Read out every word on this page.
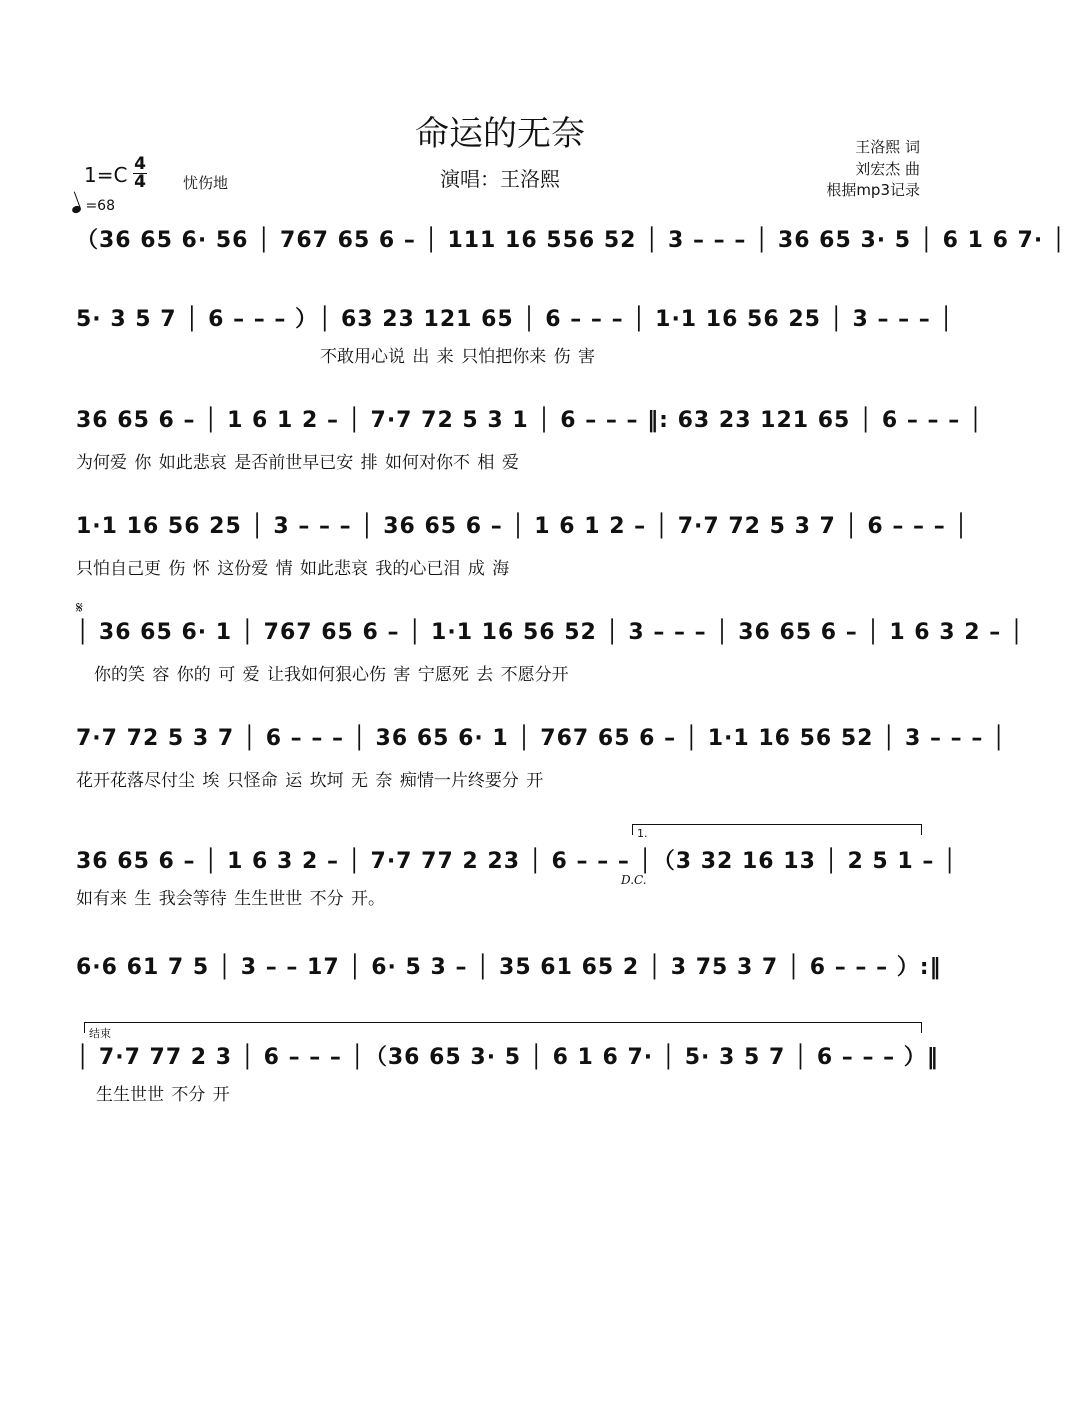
命运的无奈
演唱：王洛熙
王洛熙 词
刘宏杰 曲
根据mp3记录
1=C 4
4 忧伤地
=68
𝄋
D.C.
1.
结束
（36 65 6· 56 │ 767 65 6 – │ 111 16 556 52 │ 3 – – – │ 36 65 3· 5 │ 6 1 6 7· │
5· 3 5 7 │ 6 – – – ）│ 63 23 121 65 │ 6 – – – │ 1·1 16 56 25 │ 3 – – – │
不敢用心说 出 来 只怕把你来 伤 害
36 65 6 – │ 1 6 1 2 – │ 7·7 72 5 3 1 │ 6 – – – ‖: 63 23 121 65 │ 6 – – – │
为何爱 你 如此悲哀 是否前世早已安 排 如何对你不 相 爱
1·1 16 56 25 │ 3 – – – │ 36 65 6 – │ 1 6 1 2 – │ 7·7 72 5 3 7 │ 6 – – – │
只怕自己更 伤 怀 这份爱 情 如此悲哀 我的心已泪 成 海
│ 36 65 6· 1 │ 767 65 6 – │ 1·1 16 56 52 │ 3 – – – │ 36 65 6 – │ 1 6 3 2 – │
你的笑 容 你的 可 爱 让我如何狠心伤 害 宁愿死 去 不愿分开
7·7 72 5 3 7 │ 6 – – – │ 36 65 6· 1 │ 767 65 6 – │ 1·1 16 56 52 │ 3 – – – │
花开花落尽付尘 埃 只怪命 运 坎坷 无 奈 痴情一片终要分 开
36 65 6 – │ 1 6 3 2 – │ 7·7 77 2 23 │ 6 – – – │（3 32 16 13 │ 2 5 1 – │
如有来 生 我会等待 生生世世 不分 开。
6·6 61 7 5 │ 3 – – 17 │ 6· 5 3 – │ 35 61 65 2 │ 3 75 3 7 │ 6 – – – ）:‖
│ 7·7 77 2 3 │ 6 – – – │（36 65 3· 5 │ 6 1 6 7· │ 5· 3 5 7 │ 6 – – – ）‖
生生世世 不分 开
